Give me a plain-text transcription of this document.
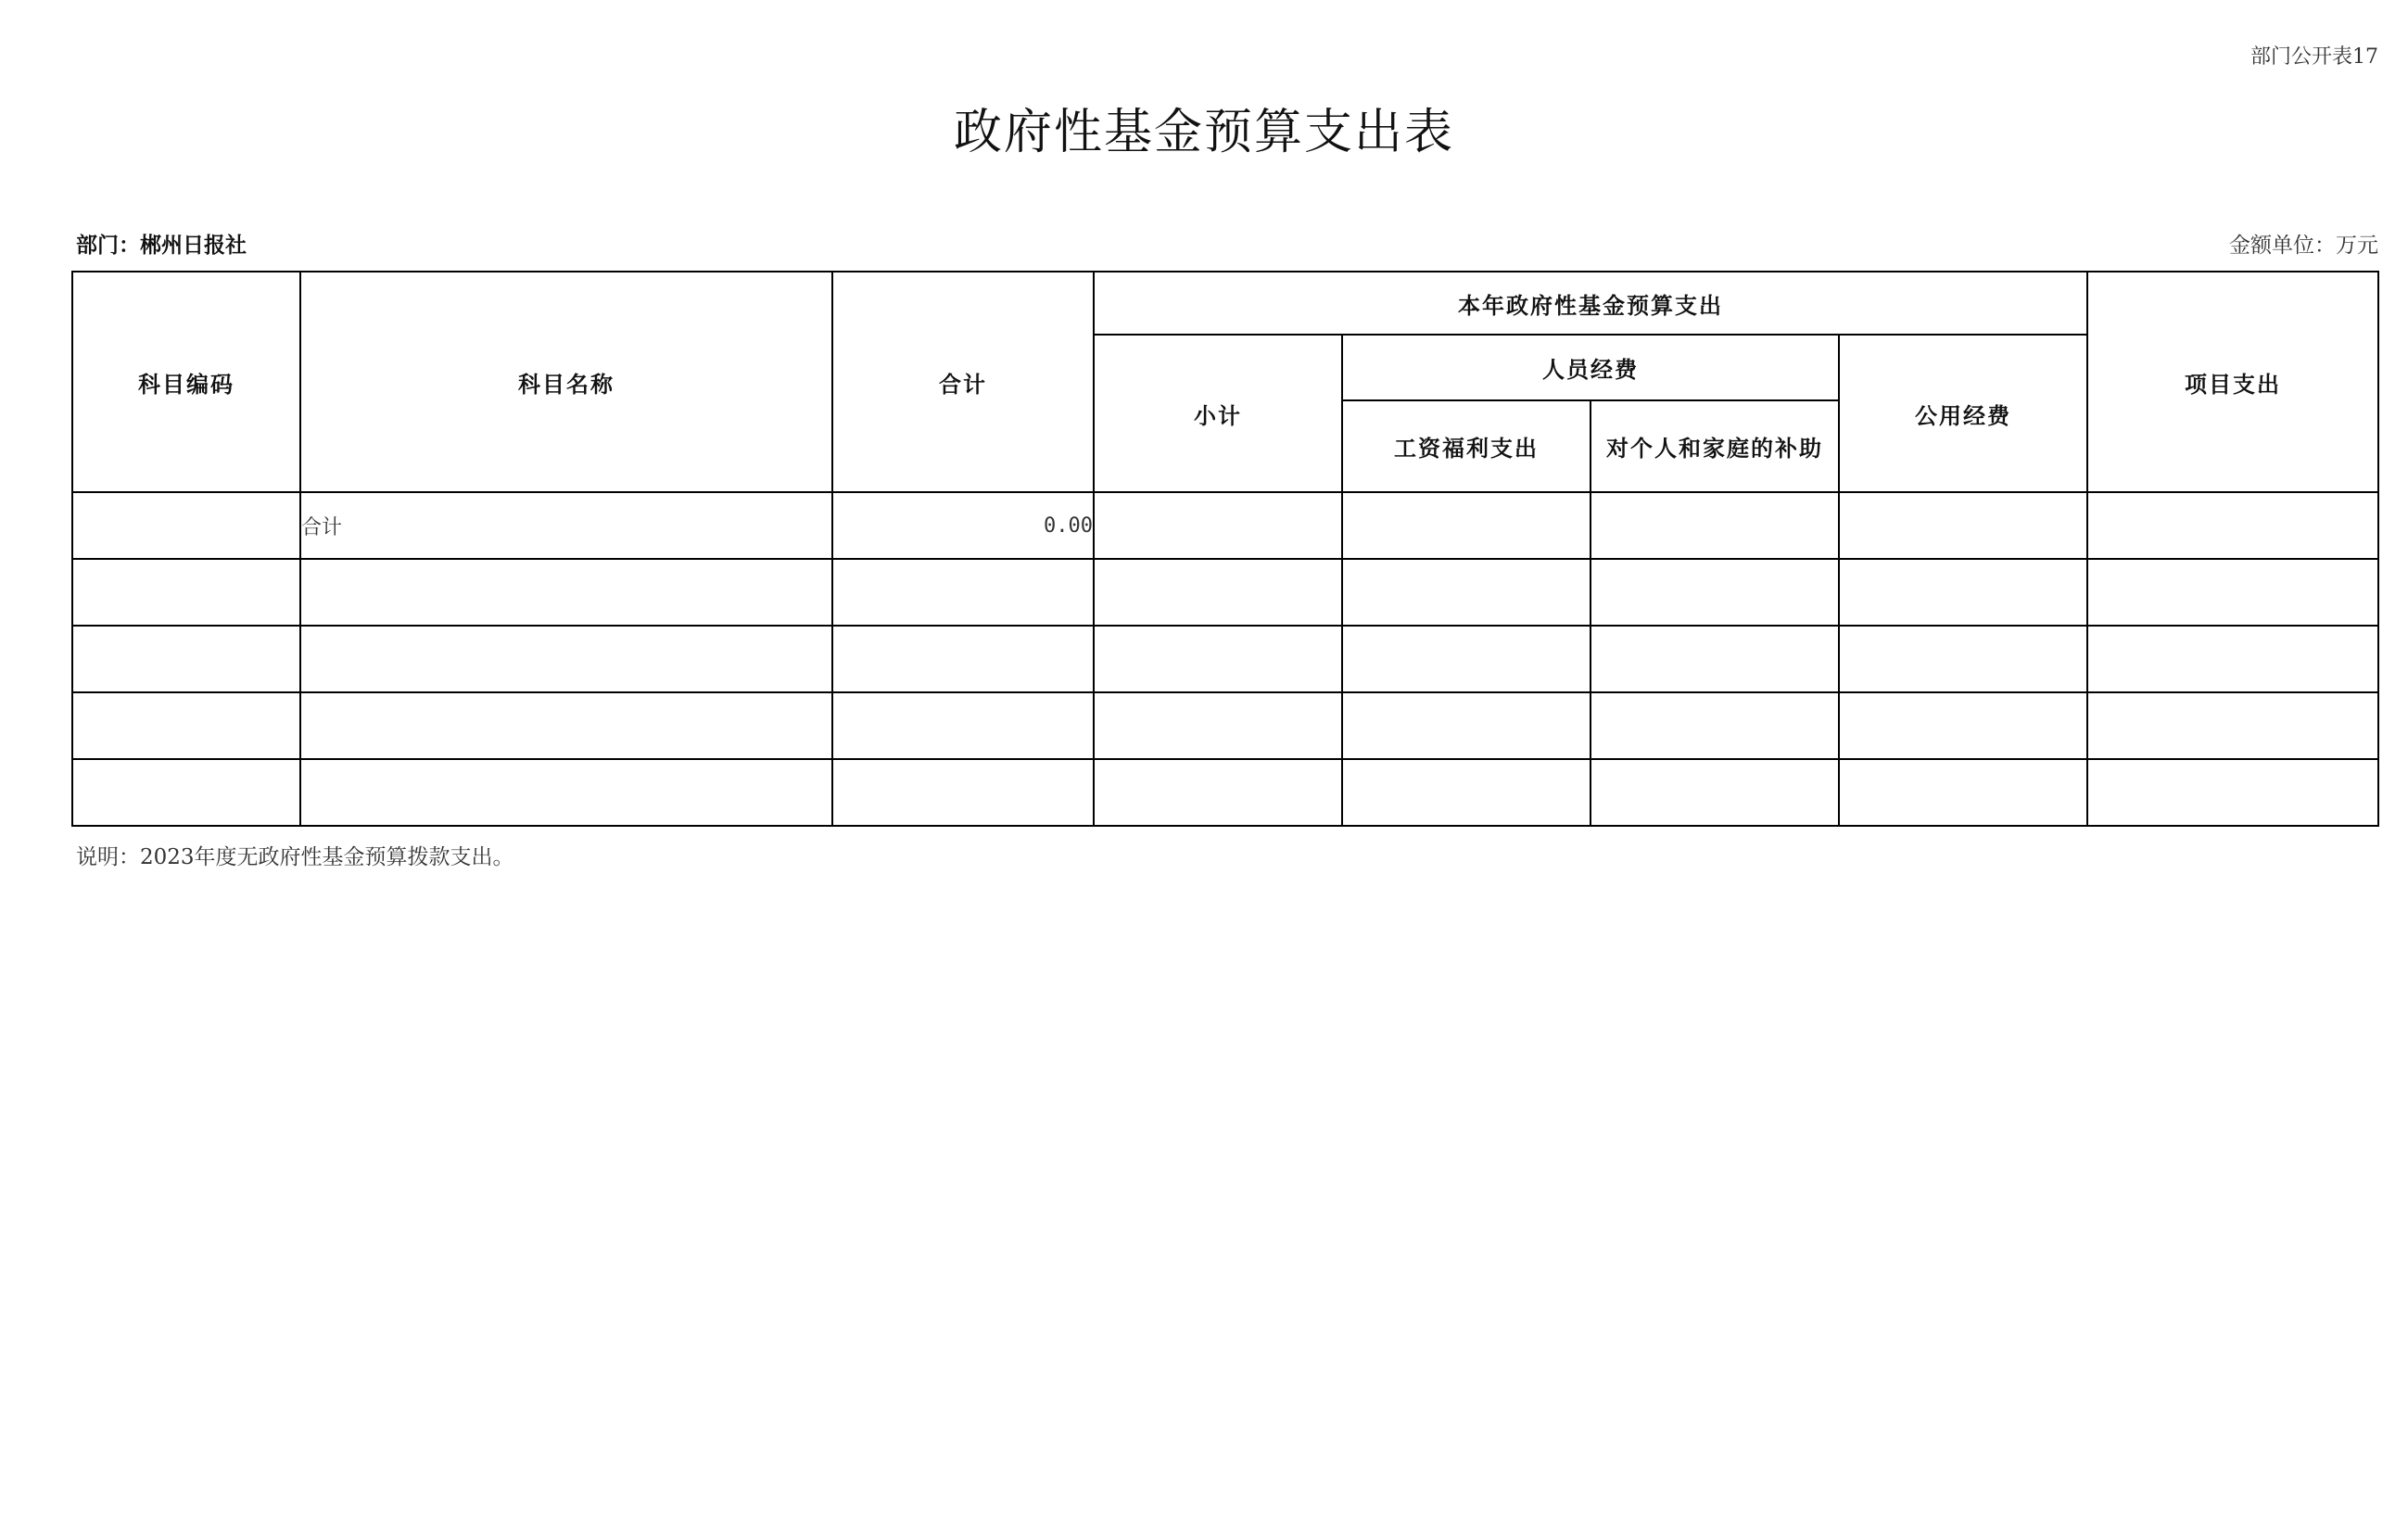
部门公开表17
政府性基金预算支出表
部门：郴州日报社	金额单位：万元
科目编码	科目名称	合计	本年政府性基金预算支出				项目支出
			小计	人员经费		公用经费	
				工资福利支出	对个人和家庭的补助		
	合计	0.00					

说明：2023年度无政府性基金预算拨款支出。
